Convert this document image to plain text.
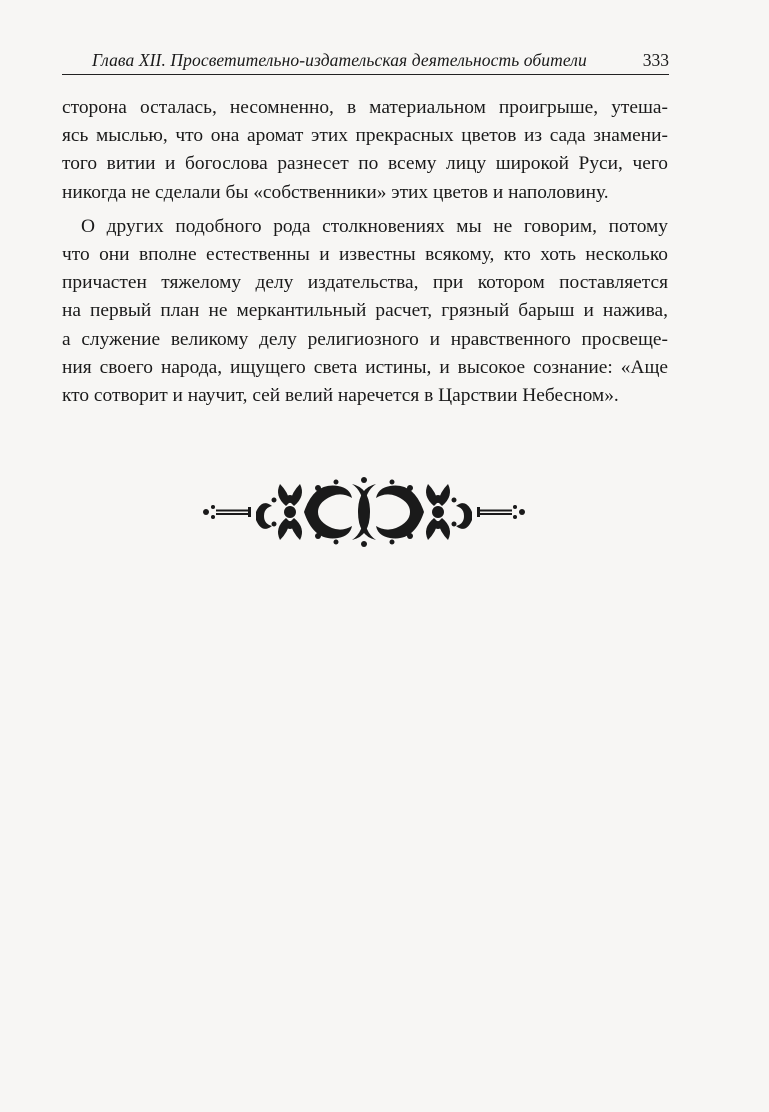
Глава XII. Просветительно-издательская деятельность обители	333
сторона осталась, несомненно, в материальном проигрыше, утеша-
ясь мыслью, что она аромат этих прекрасных цветов из сада знамени-
того витии и богослова разнесет по всему лицу широкой Руси, чего
никогда не сделали бы «собственники» этих цветов и наполовину.
О других подобного рода столкновениях мы не говорим, потому
что они вполне естественны и известны всякому, кто хоть несколько
причастен тяжелому делу издательства, при котором поставляется
на первый план не меркантильный расчет, грязный барыш и нажива,
а служение великому делу религиозного и нравственного просвеще-
ния своего народа, ищущего света истины, и высокое сознание: «Аще
кто сотворит и научит, сей велий наречется в Царствии Небесном».
